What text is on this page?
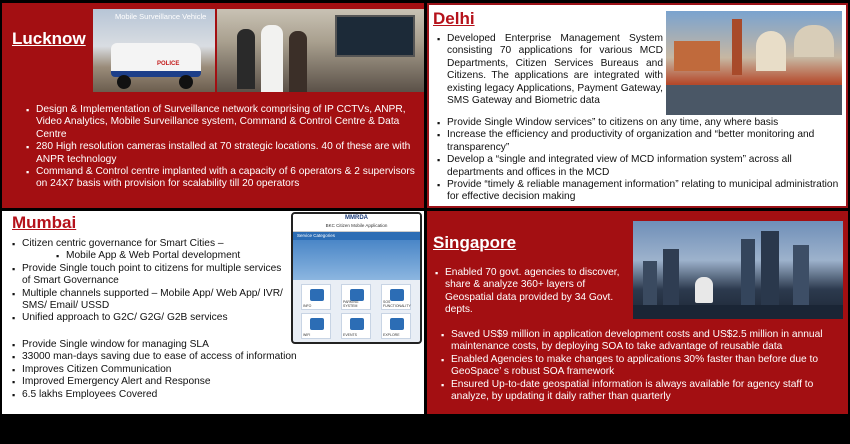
Lucknow
Mobile Surveillance Vehicle
POLICE
▪ Design & Implementation of Surveillance network comprising of IP CCTVs, ANPR, Video Analytics, Mobile Surveillance system, Command & Control Centre & Data Centre
▪ 280 High resolution cameras installed at 70 strategic locations. 40 of these are with ANPR technology
▪ Command & Control centre implanted with a capacity of 6 operators & 2 supervisors on 24X7 basis with provision for scalability till 20 operators
Delhi
▪ Developed Enterprise Management System consisting 70 applications for various MCD Departments, Citizen Services Bureaus and Citizens. The applications are integrated with existing legacy Applications, Payment Gateway, SMS Gateway and Biometric data
▪ Provide Single Window services” to citizens on any time, any where basis
▪ Increase the efficiency and productivity of organization and “better monitoring and transparency”
▪ Develop a “single and integrated view of MCD information system” across all departments and offices in the MCD
▪ Provide “timely & reliable management information” relating to municipal administration for effective decision making
Mumbai	MMRDA
BKC Citizen Mobile Application
Service Categories
INFO
PARKING SYSTEM
SOS FUNCTIONALITY
WIFI	EVENTS	EXPLORE
▪ Citizen centric governance for Smart Cities –
▪ Mobile App & Web Portal development
▪ Provide Single touch point to citizens for multiple services of Smart Governance
▪ Multiple channels supported – Mobile App/ Web App/ IVR/ SMS/ Email/ USSD
▪ Unified approach to G2C/ G2G/ G2B services
▪ Provide Single window for managing SLA
▪ 33000 man-days saving due to ease of access of information
▪ Improves Citizen Communication
▪ Improved Emergency Alert and Response
▪ 6.5 lakhs Employees Covered
Singapore
▪ Enabled 70 govt. agencies to discover, share & analyze 360+ layers of Geospatial data provided by 34 Govt. depts.
▪ Saved US$9 million in application development costs and US$2.5 million in annual maintenance costs, by deploying SOA to take advantage of reusable data
▪ Enabled Agencies to make changes to applications 30% faster than before due to GeoSpace’ s robust SOA framework
▪ Ensured Up-to-date geospatial information is always available for agency staff to analyze, by updating it daily rather than quarterly
